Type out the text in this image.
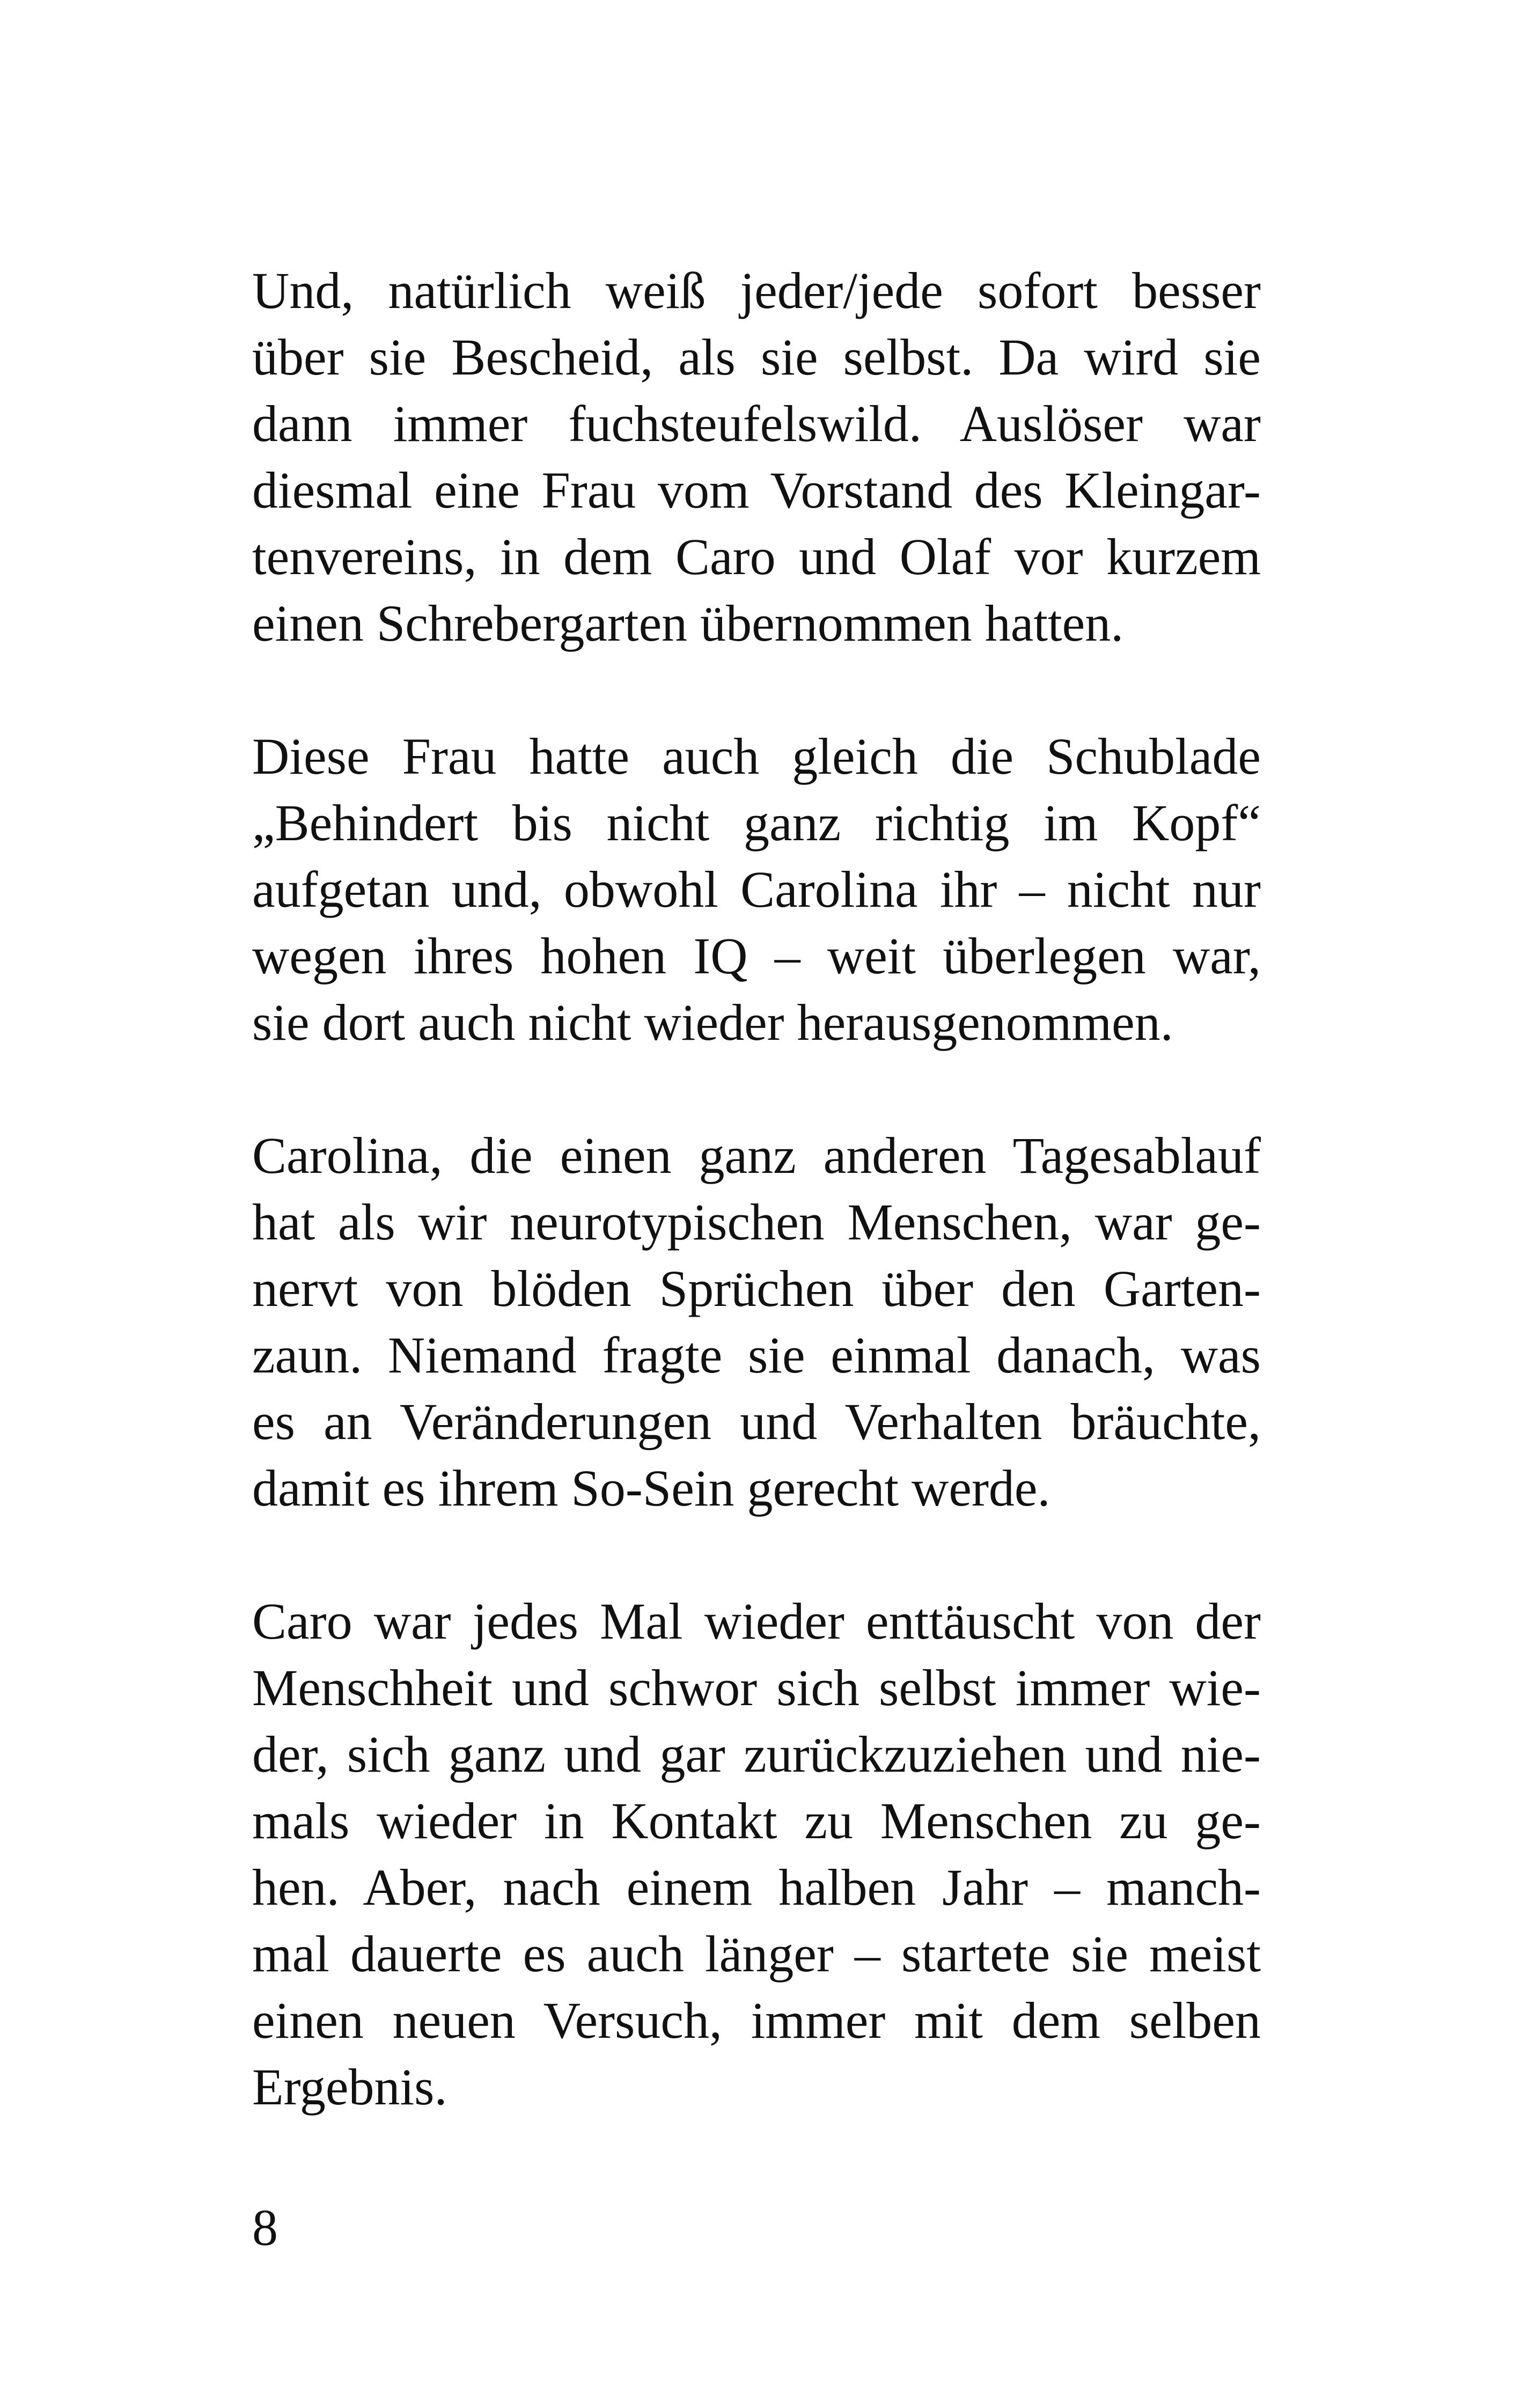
Und, natürlich weiß jeder/jede sofort besser
über sie Bescheid, als sie selbst. Da wird sie
dann immer fuchsteufelswild. Auslöser war
diesmal eine Frau vom Vorstand des Kleingar-
tenvereins, in dem Caro und Olaf vor kurzem
einen Schrebergarten übernommen hatten.
Diese Frau hatte auch gleich die Schublade
„Behindert bis nicht ganz richtig im Kopf“
aufgetan und, obwohl Carolina ihr – nicht nur
wegen ihres hohen IQ – weit überlegen war,
sie dort auch nicht wieder herausgenommen.
Carolina, die einen ganz anderen Tagesablauf
hat als wir neurotypischen Menschen, war ge-
nervt von blöden Sprüchen über den Garten-
zaun. Niemand fragte sie einmal danach, was
es an Veränderungen und Verhalten bräuchte,
damit es ihrem So-Sein gerecht werde.
Caro war jedes Mal wieder enttäuscht von der
Menschheit und schwor sich selbst immer wie-
der, sich ganz und gar zurückzuziehen und nie-
mals wieder in Kontakt zu Menschen zu ge-
hen. Aber, nach einem halben Jahr – manch-
mal dauerte es auch länger – startete sie meist
einen neuen Versuch, immer mit dem selben
Ergebnis.
8
